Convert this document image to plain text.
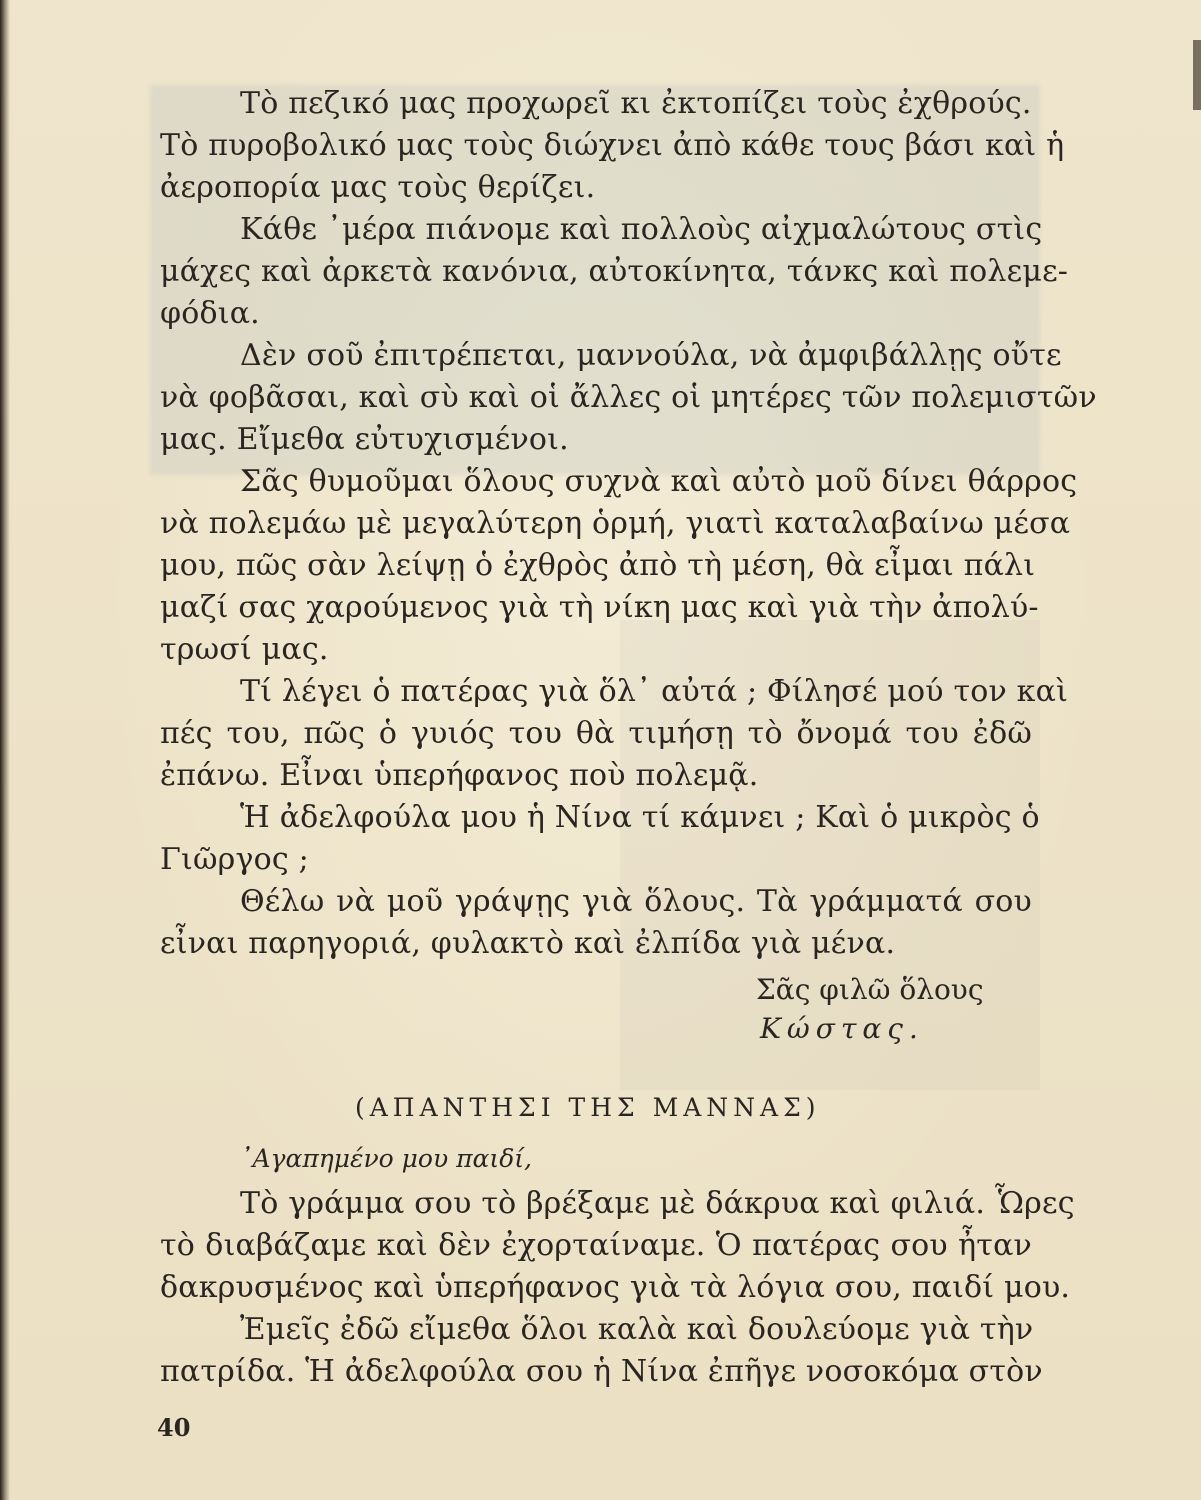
Τὸ πεζικό μας προχωρεῖ κι ἐκτοπίζει τοὺς ἐχθρούς.
Τὸ πυροβολικό μας τοὺς διώχνει ἀπὸ κάθε τους βάσι καὶ ἡ
ἀεροπορία μας τοὺς θερίζει.
Κάθε ᾿μέρα πιάνομε καὶ πολλοὺς αἰχμαλώτους στὶς
μάχες καὶ ἀρκετὰ κανόνια, αὐτοκίνητα, τάνκς καὶ πολεμε-
φόδια.
Δὲν σοῦ ἐπιτρέπεται, μαννούλα, νὰ ἀμφιβάλλῃς οὔτε
νὰ φοβᾶσαι, καὶ σὺ καὶ οἱ ἄλλες οἱ μητέρες τῶν πολεμιστῶν
μας. Εἴμεθα εὐτυχισμένοι.
Σᾶς θυμοῦμαι ὅλους συχνὰ καὶ αὐτὸ μοῦ δίνει θάρρος
νὰ πολεμάω μὲ μεγαλύτερη ὁρμή, γιατὶ καταλαβαίνω μέσα
μου, πῶς σὰν λείψῃ ὁ ἐχθρὸς ἀπὸ τὴ μέση, θὰ εἶμαι πάλι
μαζί σας χαρούμενος γιὰ τὴ νίκη μας καὶ γιὰ τὴν ἀπολύ-
τρωσί μας.
Τί λέγει ὁ πατέρας γιὰ ὅλ᾿ αὐτά ; Φίλησέ μού τον καὶ
πές του, πῶς ὁ γυιός του θὰ τιμήσῃ τὸ ὄνομά του ἐδῶ
ἐπάνω. Εἶναι ὑπερήφανος ποὺ πολεμᾷ.
Ἡ ἀδελφούλα μου ἡ Νίνα τί κάμνει ; Καὶ ὁ μικρὸς ὁ
Γιῶργος ;
Θέλω νὰ μοῦ γράψῃς γιὰ ὅλους. Τὰ γράμματά σου
εἶναι παρηγοριά, φυλακτὸ καὶ ἐλπίδα γιὰ μένα.
Σᾶς φιλῶ ὅλους
Κώστας.
(ΑΠΑΝΤΗΣΙ ΤΗΣ ΜΑΝΝΑΣ)
᾿Αγαπημένο μου παιδί,
Τὸ γράμμα σου τὸ βρέξαμε μὲ δάκρυα καὶ φιλιά. Ὧρες
τὸ διαβάζαμε καὶ δὲν ἐχορταίναμε. Ὁ πατέρας σου ἦταν
δακρυσμένος καὶ ὑπερήφανος γιὰ τὰ λόγια σου, παιδί μου.
Ἐμεῖς ἐδῶ εἴμεθα ὅλοι καλὰ καὶ δουλεύομε γιὰ τὴν
πατρίδα. Ἡ ἀδελφούλα σου ἡ Νίνα ἐπῆγε νοσοκόμα στὸν
40
